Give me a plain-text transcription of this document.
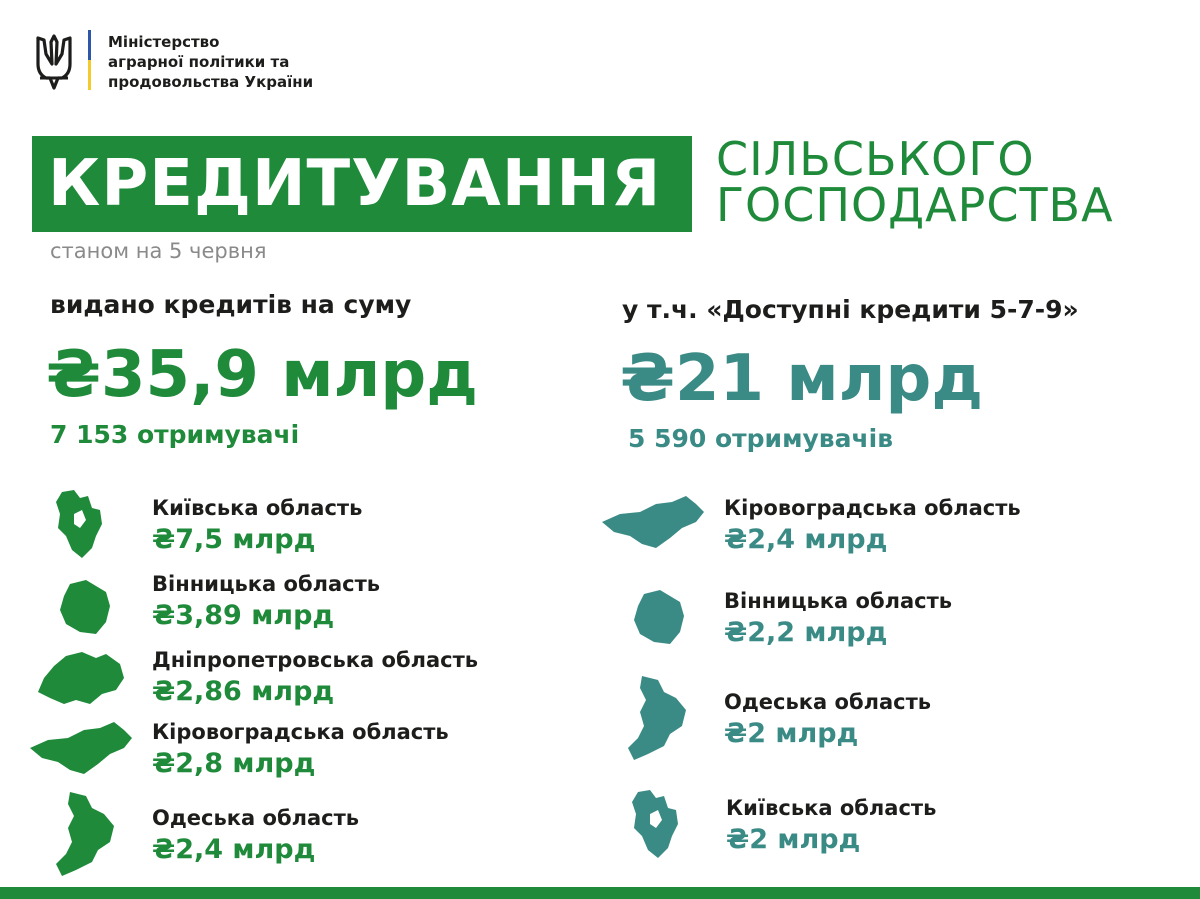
Міністерство
аграрної політики та
продовольства України
КРЕДИТУВАННЯ СІЛЬСЬКОГО
ГОСПОДАРСТВА
станом на 5 червня
видано кредитів на суму
₴35,9 млрд
7 153 отримувачі
у т.ч. «Доступні кредити 5-7-9»
₴21 млрд
5 590 отримувачів
Київська область
₴7,5 млрд
Вінницька область
₴3,89 млрд
Дніпропетровська область
₴2,86 млрд
Кіровоградська область
₴2,8 млрд
Одеська область
₴2,4 млрд
Кіровоградська область
₴2,4 млрд
Вінницька область
₴2,2 млрд
Одеська область
₴2 млрд
Київська область
₴2 млрд
